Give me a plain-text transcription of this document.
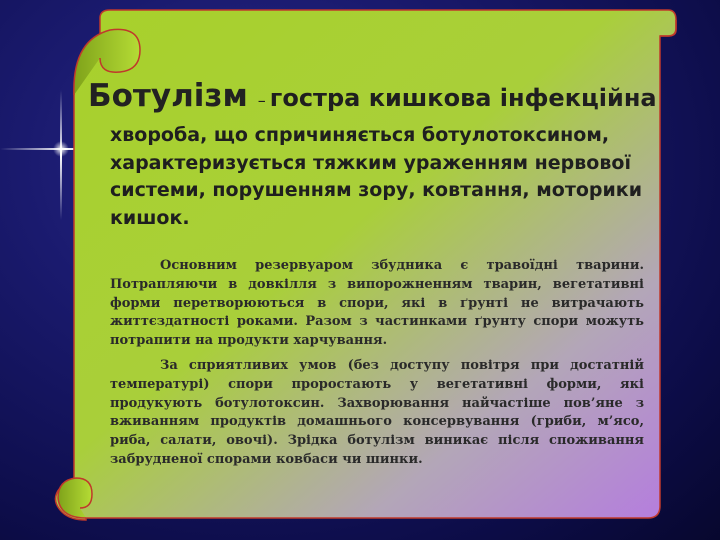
Ботулізм – гостра кишкова інфекційна
хвороба, що спричиняється ботулотоксином, характеризується тяжким ураженням нервової системи, порушенням зору, ковтання, моторики кишок.
Основним резервуаром збудника є травоїдні тварини. Потрапляючи в довкілля з випорожненням тварин, вегетативні форми перетворюються в спори, які в ґрунті не витрачають життєздатності роками. Разом з частинками ґрунту спори можуть потрапити на продукти харчування.
За сприятливих умов (без доступу повітря при достатній температурі) спори проростають у вегетативні форми, які продукують ботулотоксин. Захворювання найчастіше пов’яне з вживанням продуктів домашнього консервування (гриби, м’ясо, риба, салати, овочі). Зрідка ботулізм виникає після споживання забрудненої спорами ковбаси чи шинки.
